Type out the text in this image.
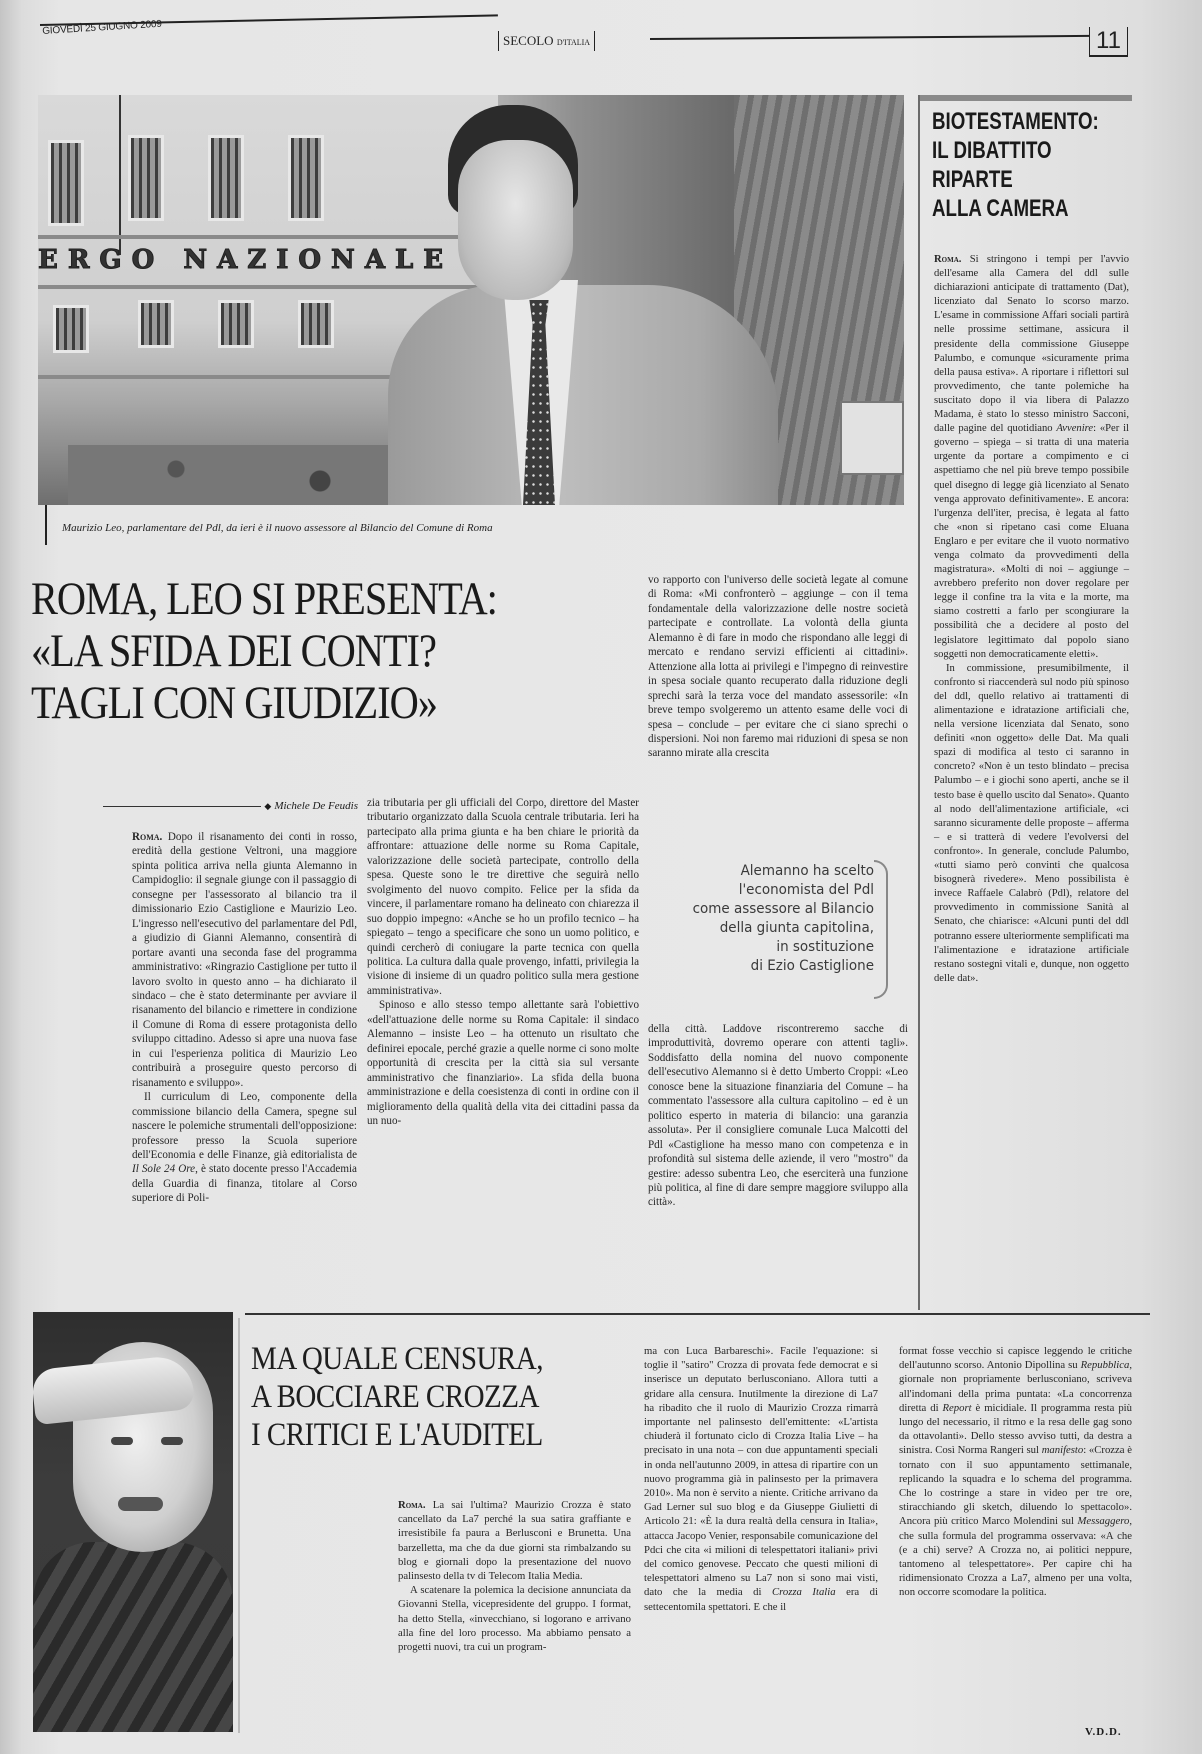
GIOVEDÌ 25 GIUGNO 2009
SECOLO D'ITALIA	11
ERGO NAZIONALE
Maurizio Leo, parlamentare del Pdl, da ieri è il nuovo assessore al Bilancio del Comune di Roma
ROMA, LEO SI PRESENTA:
«LA SFIDA DEI CONTI?
TAGLI CON GIUDIZIO»
◆ Michele De Feudis

Roma. Dopo il risanamento dei conti in rosso, eredità della gestione Veltroni, una maggiore spinta politica arriva nella giunta Alemanno in Campidoglio: il segnale giunge con il passaggio di consegne per l'assessorato al bilancio tra il dimissionario Ezio Castiglione e Maurizio Leo. L'ingresso nell'esecutivo del parlamentare del Pdl, a giudizio di Gianni Alemanno, consentirà di portare avanti una seconda fase del programma amministrativo: «Ringrazio Castiglione per tutto il lavoro svolto in questo anno – ha dichiarato il sindaco – che è stato determinante per avviare il risanamento del bilancio e rimettere in condizione il Comune di Roma di essere protagonista dello sviluppo cittadino. Adesso si apre una nuova fase in cui l'esperienza politica di Maurizio Leo contribuirà a proseguire questo percorso di risanamento e sviluppo».

Il curriculum di Leo, componente della commissione bilancio della Camera, spegne sul nascere le polemiche strumentali dell'opposizione: professore presso la Scuola superiore dell'Economia e delle Finanze, già editorialista de Il Sole 24 Ore, è stato docente presso l'Accademia della Guardia di finanza, titolare al Corso superiore di Poli-

zia tributaria per gli ufficiali del Corpo, direttore del Master tributario organizzato dalla Scuola centrale tributaria. Ieri ha partecipato alla prima giunta e ha ben chiare le priorità da affrontare: attuazione delle norme su Roma Capitale, valorizzazione delle società partecipate, controllo della spesa. Queste sono le tre direttive che seguirà nello svolgimento del nuovo compito. Felice per la sfida da vincere, il parlamentare romano ha delineato con chiarezza il suo doppio impegno: «Anche se ho un profilo tecnico – ha spiegato – tengo a specificare che sono un uomo politico, e quindi cercherò di coniugare la parte tecnica con quella politica. La cultura dalla quale provengo, infatti, privilegia la visione di insieme di un quadro politico sulla mera gestione amministrativa».

Spinoso e allo stesso tempo allettante sarà l'obiettivo «dell'attuazione delle norme su Roma Capitale: il sindaco Alemanno – insiste Leo – ha ottenuto un risultato che definirei epocale, perché grazie a quelle norme ci sono molte opportunità di crescita per la città sia sul versante amministrativo che finanziario». La sfida della buona amministrazione e della coesistenza di conti in ordine con il miglioramento della qualità della vita dei cittadini passa da un nuo-

vo rapporto con l'universo delle società legate al comune di Roma: «Mi confronterò – aggiunge – con il tema fondamentale della valorizzazione delle nostre società partecipate e controllate. La volontà della giunta Alemanno è di fare in modo che rispondano alle leggi di mercato e rendano servizi efficienti ai cittadini». Attenzione alla lotta ai privilegi e l'impegno di reinvestire in spesa sociale quanto recuperato dalla riduzione degli sprechi sarà la terza voce del mandato assessorile: «In breve tempo svolgeremo un attento esame delle voci di spesa – conclude – per evitare che ci siano sprechi o dispersioni. Noi non faremo mai riduzioni di spesa se non saranno mirate alla crescita

Alemanno ha scelto
l'economista del Pdl
come assessore al Bilancio
della giunta capitolina,
in sostituzione
di Ezio Castiglione

della città. Laddove riscontreremo sacche di improduttività, dovremo operare con attenti tagli». Soddisfatto della nomina del nuovo componente dell'esecutivo Alemanno si è detto Umberto Croppi: «Leo conosce bene la situazione finanziaria del Comune – ha commentato l'assessore alla cultura capitolino – ed è un politico esperto in materia di bilancio: una garanzia assoluta». Per il consigliere comunale Luca Malcotti del Pdl «Castiglione ha messo mano con competenza e in profondità sul sistema delle aziende, il vero "mostro" da gestire: adesso subentra Leo, che eserciterà una funzione più politica, al fine di dare sempre maggiore sviluppo alla città».

BIOTESTAMENTO:
IL DIBATTITO
RIPARTE
ALLA CAMERA

Roma. Si stringono i tempi per l'avvio dell'esame alla Camera del ddl sulle dichiarazioni anticipate di trattamento (Dat), licenziato dal Senato lo scorso marzo. L'esame in commissione Affari sociali partirà nelle prossime settimane, assicura il presidente della commissione Giuseppe Palumbo, e comunque «sicuramente prima della pausa estiva». A riportare i riflettori sul provvedimento, che tante polemiche ha suscitato dopo il via libera di Palazzo Madama, è stato lo stesso ministro Sacconi, dalle pagine del quotidiano Avvenire: «Per il governo – spiega – si tratta di una materia urgente da portare a compimento e ci aspettiamo che nel più breve tempo possibile quel disegno di legge già licenziato al Senato venga approvato definitivamente». E ancora: l'urgenza dell'iter, precisa, è legata al fatto che «non si ripetano casi come Eluana Englaro e per evitare che il vuoto normativo venga colmato da provvedimenti della magistratura». «Molti di noi – aggiunge – avrebbero preferito non dover regolare per legge il confine tra la vita e la morte, ma siamo costretti a farlo per scongiurare la possibilità che a decidere al posto del legislatore legittimato dal popolo siano soggetti non democraticamente eletti».

In commissione, presumibilmente, il confronto si riaccenderà sul nodo più spinoso del ddl, quello relativo ai trattamenti di alimentazione e idratazione artificiali che, nella versione licenziata dal Senato, sono definiti «non oggetto» delle Dat. Ma quali spazi di modifica al testo ci saranno in concreto? «Non è un testo blindato – precisa Palumbo – e i giochi sono aperti, anche se il testo base è quello uscito dal Senato». Quanto al nodo dell'alimentazione artificiale, «ci saranno sicuramente delle proposte – afferma – e si tratterà di vedere l'evolversi del confronto». In generale, conclude Palumbo, «tutti siamo però convinti che qualcosa bisognerà rivedere». Meno possibilista è invece Raffaele Calabrò (Pdl), relatore del provvedimento in commissione Sanità al Senato, che chiarisce: «Alcuni punti del ddl potranno essere ulteriormente semplificati ma l'alimentazione e idratazione artificiale restano sostegni vitali e, dunque, non oggetto delle dat».

MA QUALE CENSURA,
A BOCCIARE CROZZA
I CRITICI E L'AUDITEL

Roma. La sai l'ultima? Maurizio Crozza è stato cancellato da La7 perché la sua satira graffiante e irresistibile fa paura a Berlusconi e Brunetta. Una barzelletta, ma che da due giorni sta rimbalzando su blog e giornali dopo la presentazione del nuovo palinsesto della tv di Telecom Italia Media.

A scatenare la polemica la decisione annunciata da Giovanni Stella, vicepresidente del gruppo. I format, ha detto Stella, «invecchiano, si logorano e arrivano alla fine del loro processo. Ma abbiamo pensato a progetti nuovi, tra cui un program-

ma con Luca Barbareschi». Facile l'equazione: si toglie il "satiro" Crozza di provata fede democrat e si inserisce un deputato berlusconiano. Allora tutti a gridare alla censura. Inutilmente la direzione di La7 ha ribadito che il ruolo di Maurizio Crozza rimarrà importante nel palinsesto dell'emittente: «L'artista chiuderà il fortunato ciclo di Crozza Italia Live – ha precisato in una nota – con due appuntamenti speciali in onda nell'autunno 2009, in attesa di ripartire con un nuovo programma già in palinsesto per la primavera 2010». Ma non è servito a niente. Critiche arrivano da Gad Lerner sul suo blog e da Giuseppe Giulietti di Articolo 21: «È la dura realtà della censura in Italia», attacca Jacopo Venier, responsabile comunicazione del Pdci che cita «i milioni di telespettatori italiani» privi del comico genovese. Peccato che questi milioni di telespettatori almeno su La7 non si sono mai visti, dato che la media di Crozza Italia era di settecentomila spettatori. E che il

format fosse vecchio si capisce leggendo le critiche dell'autunno scorso. Antonio Dipollina su Repubblica, giornale non propriamente berlusconiano, scriveva all'indomani della prima puntata: «La concorrenza diretta di Report è micidiale. Il programma resta più lungo del necessario, il ritmo e la resa delle gag sono da ottavolanti». Dello stesso avviso tutti, da destra a sinistra. Così Norma Rangeri sul manifesto: «Crozza è tornato con il suo appuntamento settimanale, replicando la squadra e lo schema del programma. Che lo costringe a stare in video per tre ore, stiracchiando gli sketch, diluendo lo spettacolo». Ancora più critico Marco Molendini sul Messaggero, che sulla formula del programma osservava: «A che (e a chi) serve? A Crozza no, ai politici neppure, tantomeno al telespettatore». Per capire chi ha ridimensionato Crozza a La7, almeno per una volta, non occorre scomodare la politica.

V.D.D.
